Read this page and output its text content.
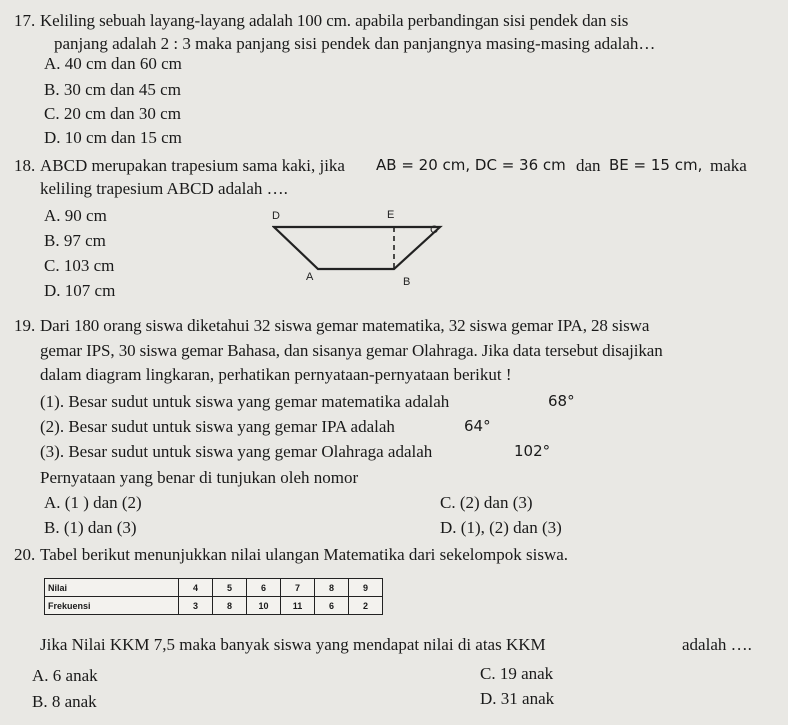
17. Keliling sebuah layang-layang adalah 100 cm. apabila perbandingan sisi pendek dan sis
panjang adalah 2 : 3 maka panjang sisi pendek dan panjangnya masing-masing adalah…
A. 40 cm dan 60 cm
B. 30 cm dan 45 cm
C. 20 cm dan 30 cm
D. 10 cm dan 15 cm
18. ABCD merupakan trapesium sama kaki, jika AB = 20 cm, DC = 36 cm dan BE = 15 cm, maka
keliling trapesium ABCD adalah ….
A. 90 cm
B. 97 cm
C. 103 cm
D. 107 cm
D	E
C
A	B
19. Dari 180 orang siswa diketahui 32 siswa gemar matematika, 32 siswa gemar IPA, 28 siswa
gemar IPS, 30 siswa gemar Bahasa, dan sisanya gemar Olahraga. Jika data tersebut disajikan
dalam diagram lingkaran, perhatikan pernyataan-pernyataan berikut !
(1). Besar sudut untuk siswa yang gemar matematika adalah	68°
(2). Besar sudut untuk siswa yang gemar IPA adalah	64°
(3). Besar sudut untuk siswa yang gemar Olahraga adalah	102°
Pernyataan yang benar di tunjukan oleh nomor
A. (1 ) dan (2)	C. (2) dan (3)
B. (1) dan (3)	D. (1), (2) dan (3)
20. Tabel berikut menunjukkan nilai ulangan Matematika dari sekelompok siswa.
Nilai	4	5	6	7	8	9
Frekuensi	3	8	10	11	6	2
Jika Nilai KKM 7,5 maka banyak siswa yang mendapat nilai di atas KKM	adalah ….
A. 6 anak	C. 19 anak
B. 8 anak	D. 31 anak
